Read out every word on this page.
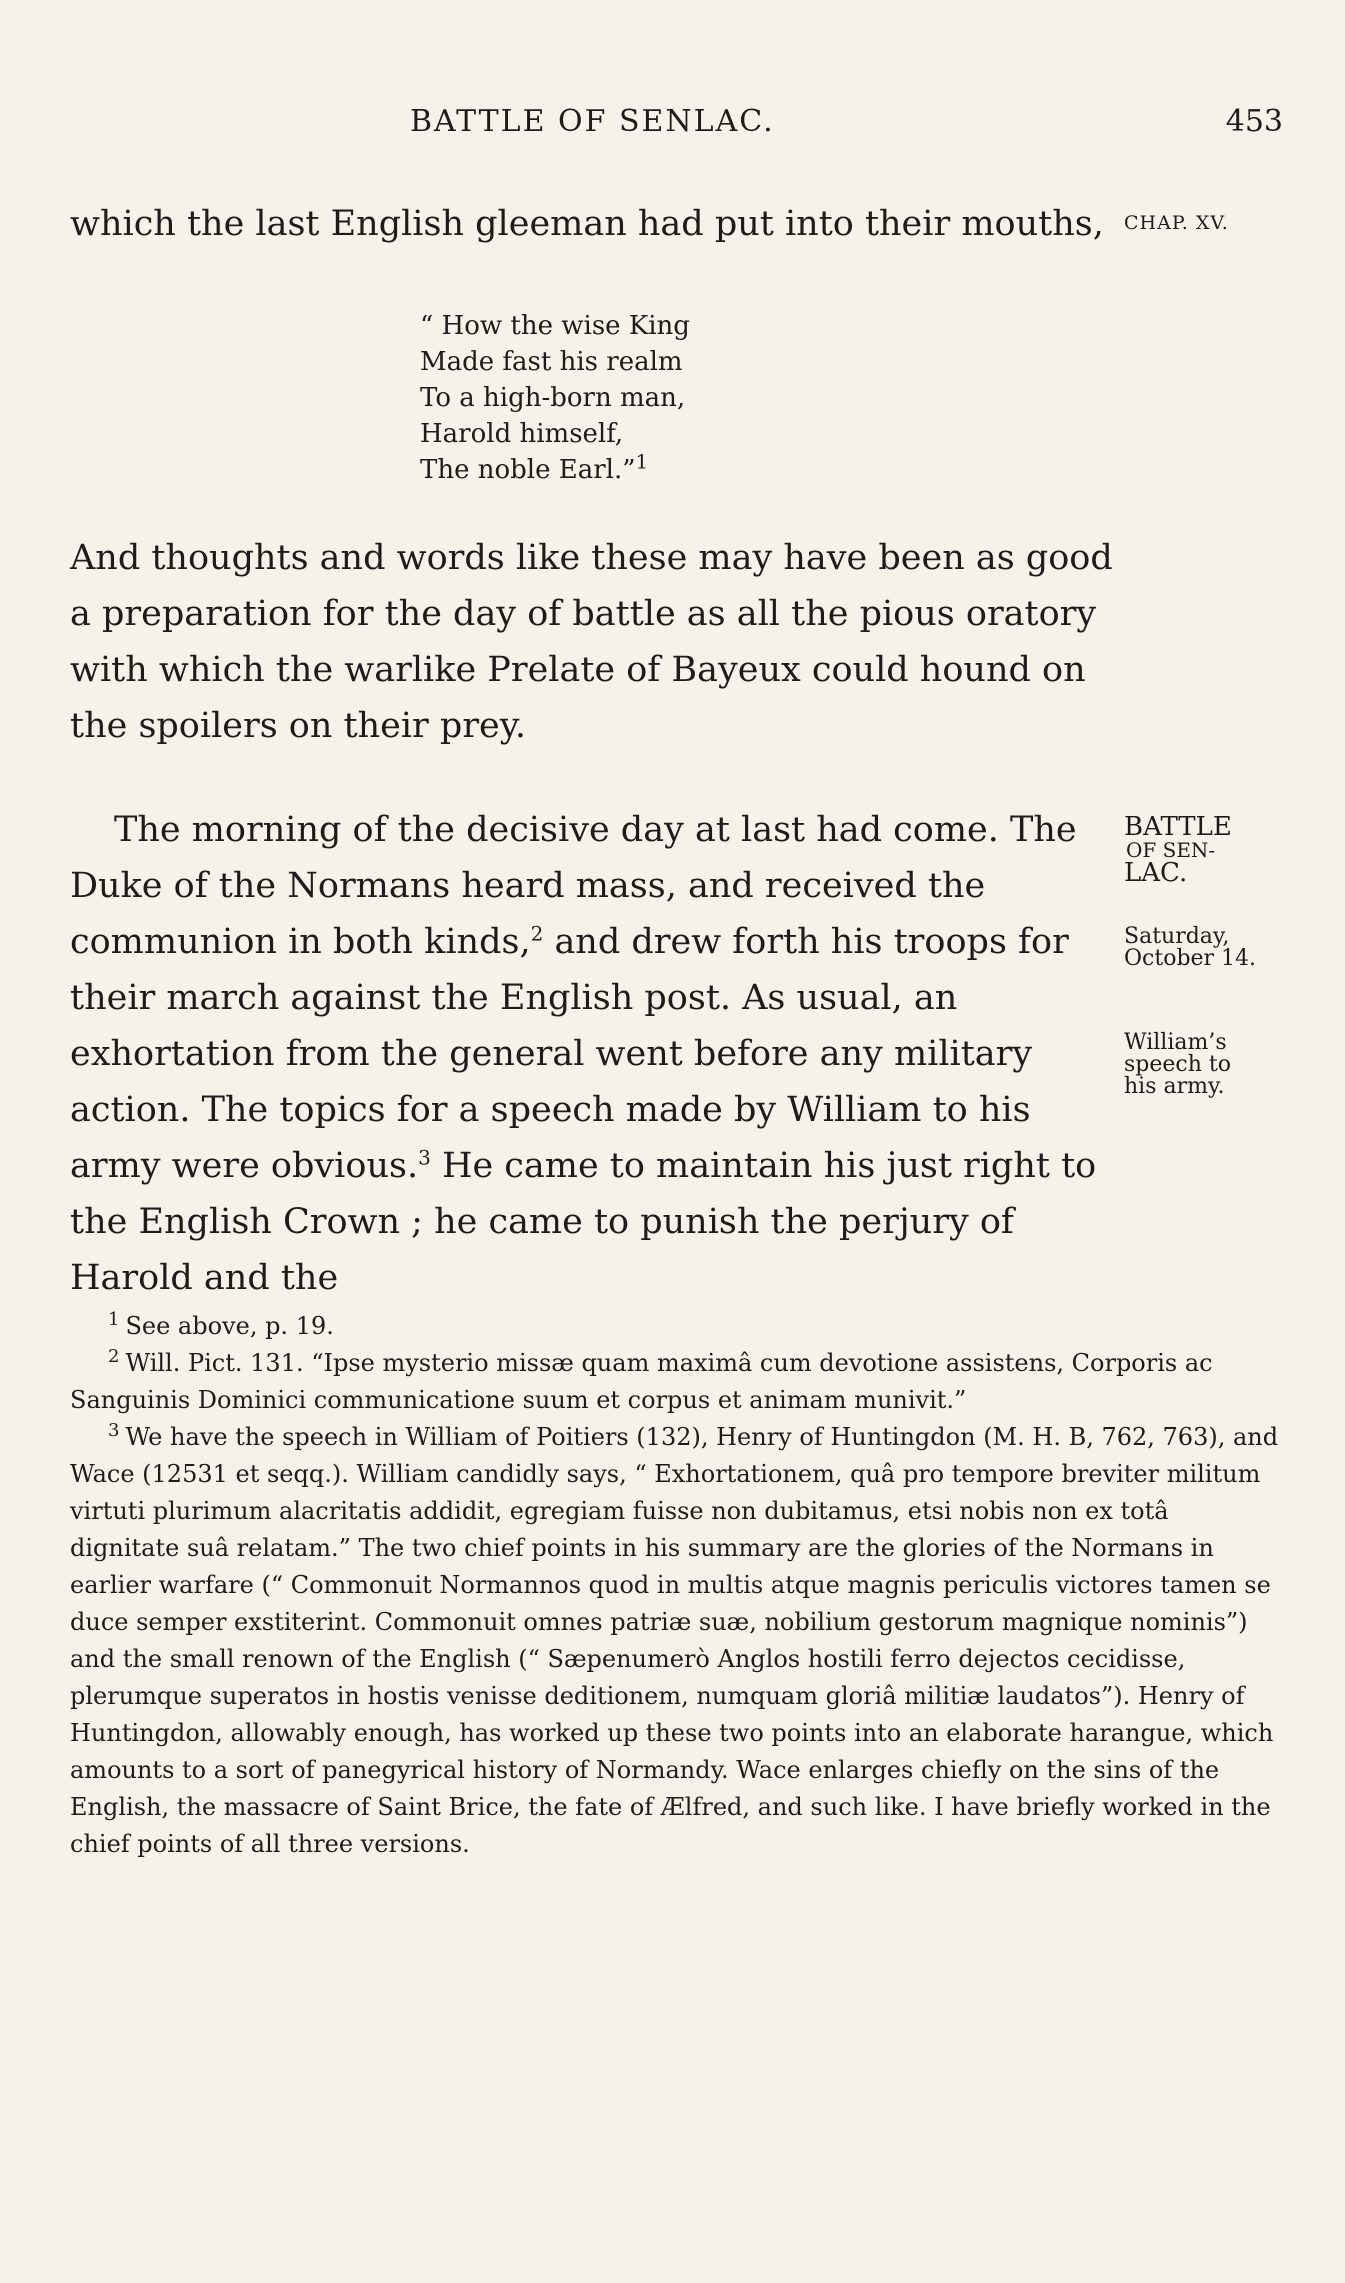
BATTLE OF SENLAC.	453

which the last English gleeman had put into their mouths,

“ How the wise King
Made fast his realm
To a high-born man,
Harold himself,
The noble Earl.”$^1$

And thoughts and words like these may have been as good a preparation for the day of battle as all the pious oratory with which the warlike Prelate of Bayeux could hound on the spoilers on their prey.

The morning of the decisive day at last had come. The Duke of the Normans heard mass, and received the communion in both kinds,$^2$ and drew forth his troops for their march against the English post. As usual, an exhortation from the general went before any military action. The topics for a speech made by William to his army were obvious.$^3$ He came to maintain his just right to the English Crown ; he came to punish the perjury of Harold and the
CHAP. XV.
BATTLE
OF SEN-
LAC.
Saturday,
October 14.
William’s
speech to
his army.

$^1$ See above, p. 19.

$^2$ Will. Pict. 131. “Ipse mysterio missæ quam maximâ cum devotione assistens, Corporis ac Sanguinis Dominici communicatione suum et corpus et animam munivit.”

$^3$ We have the speech in William of Poitiers (132), Henry of Huntingdon (M. H. B, 762, 763), and Wace (12531 et seqq.). William candidly says, “ Exhortationem, quâ pro tempore breviter militum virtuti plurimum alacritatis addidit, egregiam fuisse non dubitamus, etsi nobis non ex totâ dignitate suâ relatam.” The two chief points in his summary are the glories of the Normans in earlier warfare (“ Commonuit Normannos quod in multis atque magnis periculis victores tamen se duce semper exstiterint. Commonuit omnes patriæ suæ, nobilium gestorum magnique nominis”) and the small renown of the English (“ Sæpenumerò Anglos hostili ferro dejectos cecidisse, plerumque superatos in hostis venisse deditionem, numquam gloriâ militiæ laudatos”). Henry of Huntingdon, allowably enough, has worked up these two points into an elaborate harangue, which amounts to a sort of panegyrical history of Normandy. Wace enlarges chiefly on the sins of the English, the massacre of Saint Brice, the fate of Ælfred, and such like. I have briefly worked in the chief points of all three versions.
